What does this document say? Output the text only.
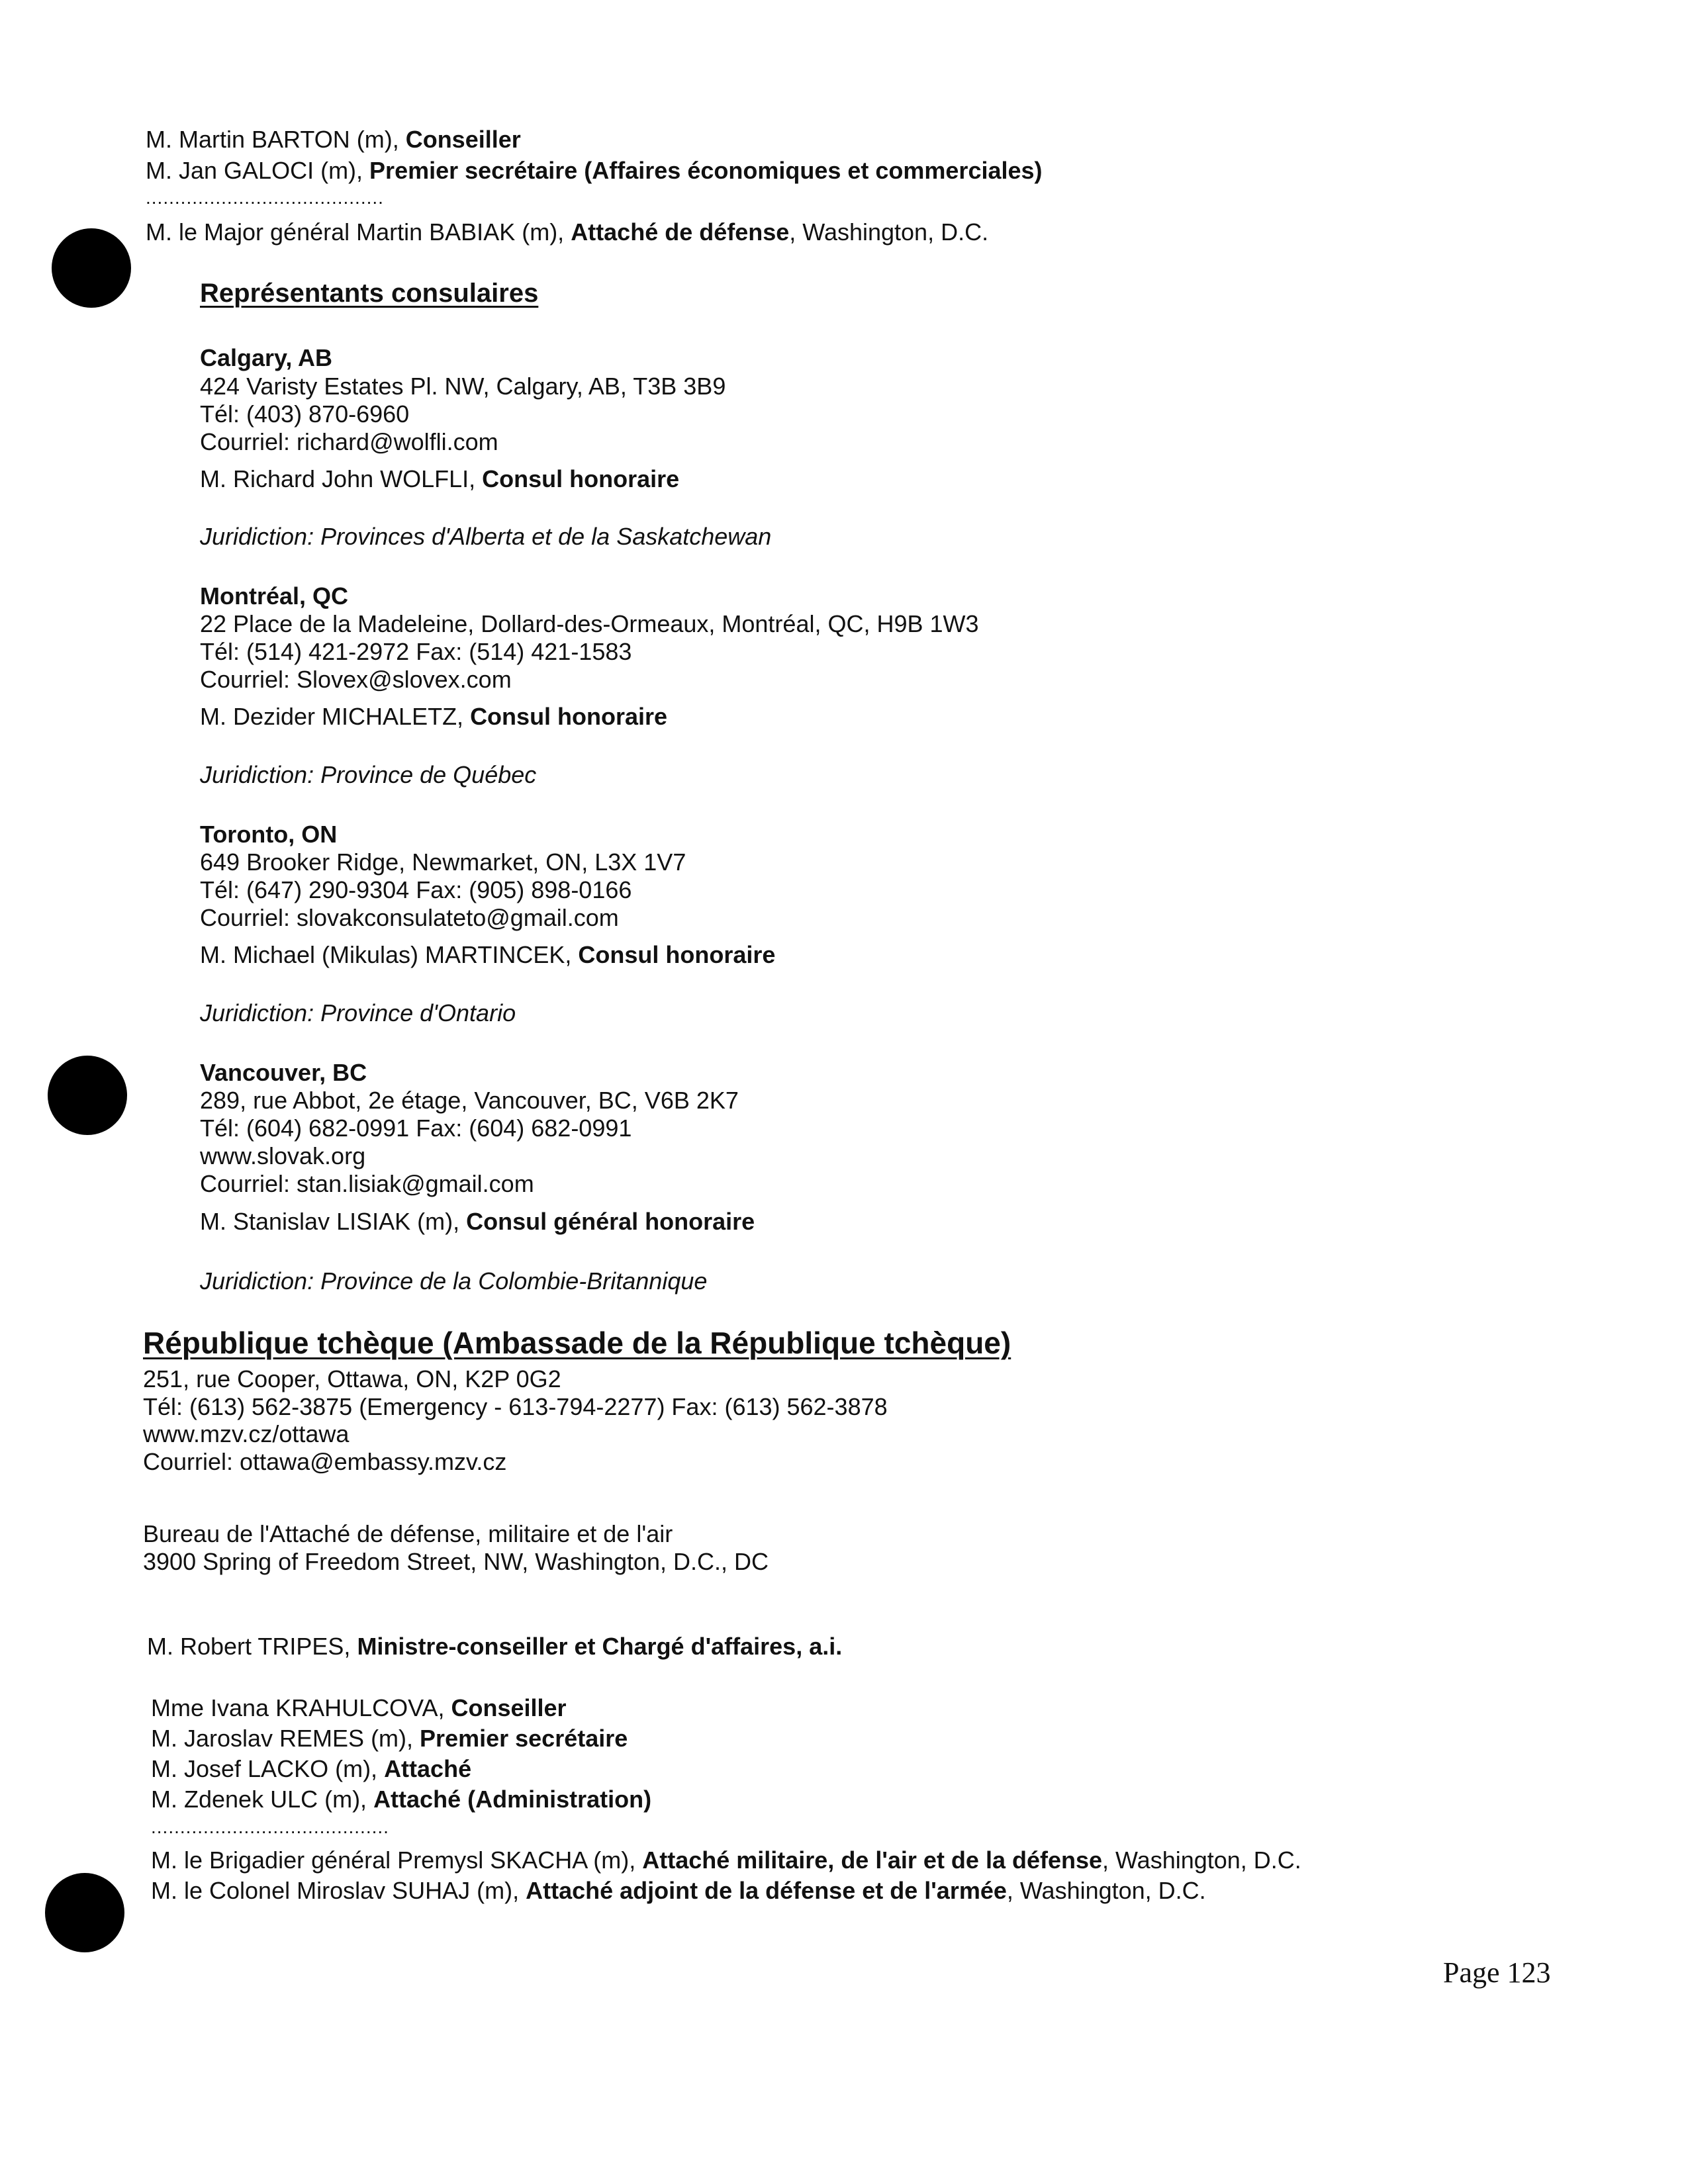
M. Martin BARTON (m), Conseiller
M. Jan GALOCI (m), Premier secrétaire (Affaires économiques et commerciales)
.........................................
M. le Major général Martin BABIAK (m), Attaché de défense, Washington, D.C.
Représentants consulaires
Calgary, AB
424 Varisty Estates Pl. NW, Calgary, AB, T3B 3B9
Tél: (403) 870-6960
Courriel: richard@wolfli.com
M. Richard John WOLFLI, Consul honoraire
Juridiction: Provinces d'Alberta et de la Saskatchewan
Montréal, QC
22 Place de la Madeleine, Dollard-des-Ormeaux, Montréal, QC, H9B 1W3
Tél: (514) 421-2972 Fax: (514) 421-1583
Courriel: Slovex@slovex.com
M. Dezider MICHALETZ, Consul honoraire
Juridiction: Province de Québec
Toronto, ON
649 Brooker Ridge, Newmarket, ON, L3X 1V7
Tél: (647) 290-9304 Fax: (905) 898-0166
Courriel: slovakconsulateto@gmail.com
M. Michael (Mikulas) MARTINCEK, Consul honoraire
Juridiction: Province d'Ontario
Vancouver, BC
289, rue Abbot, 2e étage, Vancouver, BC, V6B 2K7
Tél: (604) 682-0991 Fax: (604) 682-0991
www.slovak.org
Courriel: stan.lisiak@gmail.com
M. Stanislav LISIAK (m), Consul général honoraire
Juridiction: Province de la Colombie-Britannique
République tchèque (Ambassade de la République tchèque)
251, rue Cooper, Ottawa, ON, K2P 0G2
Tél: (613) 562-3875 (Emergency - 613-794-2277) Fax: (613) 562-3878
www.mzv.cz/ottawa
Courriel: ottawa@embassy.mzv.cz
Bureau de l'Attaché de défense, militaire et de l'air
3900 Spring of Freedom Street, NW, Washington, D.C., DC
M. Robert TRIPES, Ministre-conseiller et Chargé d'affaires, a.i.
Mme Ivana KRAHULCOVA, Conseiller
M. Jaroslav REMES (m), Premier secrétaire
M. Josef LACKO (m), Attaché
M. Zdenek ULC (m), Attaché (Administration)
.........................................
M. le Brigadier général Premysl SKACHA (m), Attaché militaire, de l'air et de la défense, Washington, D.C.
M. le Colonel Miroslav SUHAJ (m), Attaché adjoint de la défense et de l'armée, Washington, D.C.
Page 123
